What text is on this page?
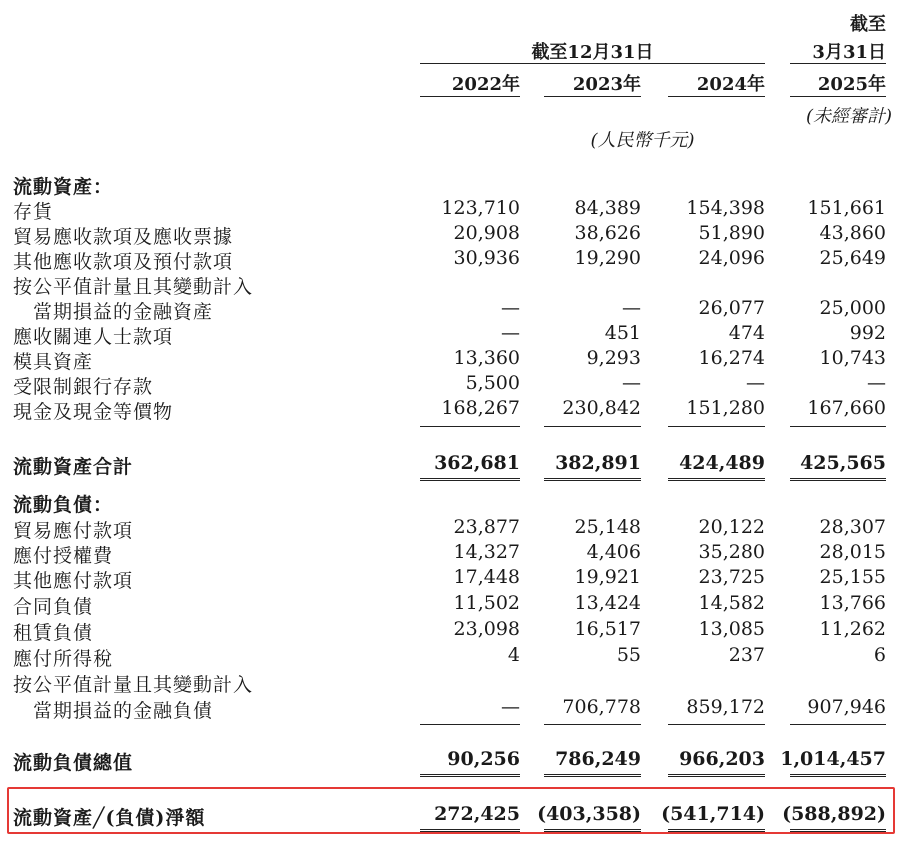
截至12月31日
截至
3月31日
2022年	2023年	2024年	2025年
(未經審計)
(人民幣千元)
流動資產：
存貨	123,710	84,389	154,398	151,661
貿易應收款項及應收票據	20,908	38,626	51,890	43,860
其他應收款項及預付款項	30,936	19,290	24,096	25,649
按公平值計量且其變動計入
當期損益的金融資產	—	—	26,077	25,000
應收關連人士款項	—	451	474	992
模具資產	13,360	9,293	16,274	10,743
受限制銀行存款	5,500	—	—	—
現金及現金等價物	168,267	230,842	151,280	167,660
流動資產合計	362,681	382,891	424,489	425,565
流動負債：
貿易應付款項	23,877	25,148	20,122	28,307
應付授權費	14,327	4,406	35,280	28,015
其他應付款項	17,448	19,921	23,725	25,155
合同負債	11,502	13,424	14,582	13,766
租賃負債	23,098	16,517	13,085	11,262
應付所得稅	4	55	237	6
按公平值計量且其變動計入
當期損益的金融負債	—	706,778	859,172	907,946
流動負債總值	90,256	786,249	966,203 1,014,457
流動資產╱(負債)淨額	272,425 (403,358)	(541,714) (588,892)
